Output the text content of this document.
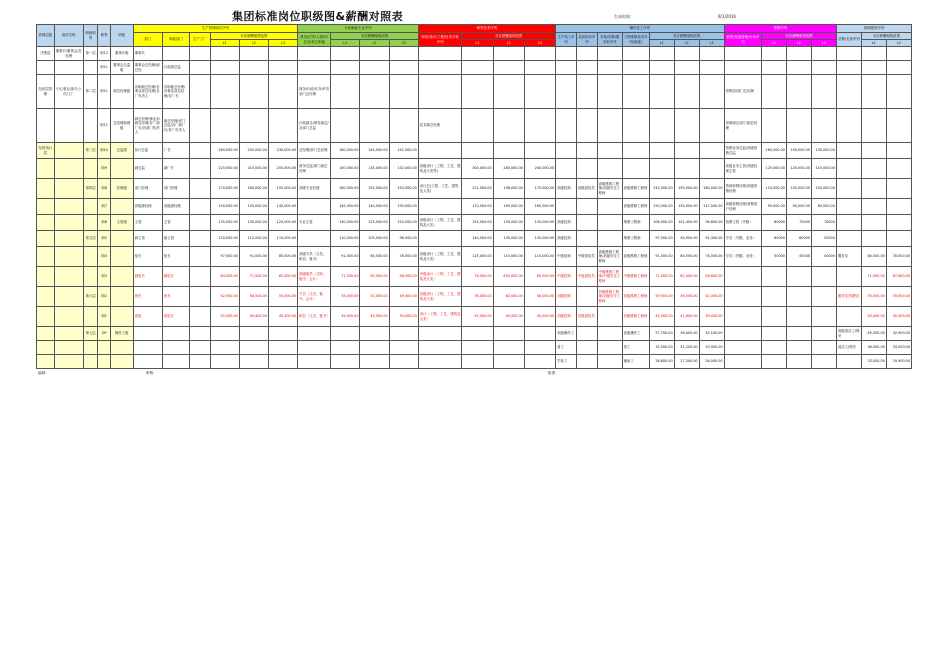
集团标准岗位职级图&薪酬对照表	生成时间：	9/1/2016
管理层级	组织名称	职级职等	职等	职级	生产管理职位序列						行政职能专业序列				研发技术序列				操作类工序列							营销序列				基础服务序列		
					部门	职能部门	生产工厂	对应薪酬架构范围			财务/法务/人资/IT/总务/其它职能	对应薪酬架构范围			研发/设计/工程/技术开发序列	对应薪酬架构范围			生产线工序列	品质检验序列	安保/后勤/服务类序列	工程维修技术序列(高级)	对应薪酬架构范围			销售/渠道管理/市场序列	对应薪酬架构范围			后勤/支持序列	对应薪酬架构范围	
								L1	L2	L3		L1	L2	L3		L1	L2	L3					L1	L2	L3		L1	L2	L3		L1	L2
决策层	董事长/董事会/总经理	第一层	职12	董事长级	董事长																											
			职11	董事会总监级	董事会总经理/副总经	行政副总监																										
经营层管理	中心事业部/分公司/工厂	第二层	职11	副总经理级	各职能总经理/各事业部总经理/各厂负责人	各职能总经理/各事业部总经理/各厂长					财务/行政/法务/IT各部门总经理															营销部/部门总经理						
			职11	总经理助理级	副总经理/事业部副总经理/各厂副厂长/各部门负责人	副总经理/部门总监/各厂副厂长/各厂负责人					行政副总/财务副总/各部门总监				技术副总经理											营销副总/部门副总经理						
经营执行层		第三层	职10	总监级	执行总监	厂长		260,000.00	240,000.00	230,000.00	总经理/部门总经理	160,000.00	145,000.00	142,000.00												营销业务总监/高级营销总监	160,000.00	140,000.00	130,000.00			
			职9		副总监	副厂长		220,000.00	210,000.00	200,000.00	财务总监/部门副总经理	140,000.00	135,000.00	132,000.00	高级设计（工程、工艺、建筑及大类等)	300,000.00	280,000.00	240,000.00								高级业务主管/高级经理主管	125,000.00	120,000.00	115,000.00			
		第四层	职8	经理级	部门经理	部门经理		170,000.00	160,000.00	155,000.00	高级专业经理	160,000.00	155,000.00	150,000.00	设计总(工程、工艺、建筑及大类)	221,000.00	196,000.00	175,000.00	高级技师	高级质检员	高级维修工程师/高级安全工程师	高级维修工程师	245,000.00	195,000.00	160,000.00	资深营销经理/高级营销经理	110,000.00	105,000.00	100,000.00			
			职7		高级副经理	高级副经理		150,000.00	145,000.00	140,000.00		145,000.00	140,000.00	135,000.00		170,000.00	165,000.00	160,000.00				高级维修工程师	150,000.00	130,000.00	117,000.00	高级营销经理/营销客户经理	95,000.00	90,000.00	85,000.00			
			职6	主管级	主管	主管		135,000.00	130,000.00	125,000.00	专业主管	130,000.00	125,000.00	120,000.00	高级设计（工程、工艺、建筑及大类）	155,000.00	150,000.00	145,000.00	高级技师			维修工程师	106,000.00	101,400.00	96,800.00	营销主管（外勤）	80000	75000	70000			
		第五层	职5		副主管	副主管		120,000.00	115,000.00	110,000.00		110,000.00	105,000.00	98,500.00		140,000.00	135,000.00	130,000.00	高级技师			维修工程师	97,500.00	94,900.00	91,300.00	专员（外勤、业务）	65000	60000	55000			
			职4		组长	组长		97,500.00	91,000.00	85,000.00	高级专员（文员、职员、秘书）	91,000.00	84,500.00	78,000.00	高级设计（工程、工艺、建筑及大类）	125,000.00	115,000.00	110,000.00	中级技师	中级质检员	高级维修工程师/高级安全工程师	高级维修工程师	91,000.00	84,500.00	78,000.00	专员（内勤、业务）	50000	45000	40000	服务员	84,500.00	78,000.00
			职3		副组长	副组长		84,500.00	71,500.00	65,000.00	高级职员（文职、秘书、会计）	71,500.00	65,000.00	58,500.00	中级设计（工程、工艺、建筑及大类）	78,000.00	650,000.00	60,000.00	中级技师	中级质检员	中级维修工程师/中级安全工程师	中级维修工程师	71,500.00	62,400.00	58,800.00						71,500.00	67,600.00
		第六层	职2		班长	班长		62,500.00	58,500.00	55,000.00	专员（文员、秘书、会计）	55,000.00	52,000.00	49,400.00	初级设计（工程、工艺、建筑及大类）	78,000.00	62,000.00	58,000.00	初级技师		初级维修工程师/初级安全工程师	初级维修工程师	59,500.00	56,000.00	52,000.00					服务员/驾驶员	55,000.00	59,000.00
			职1		班组	班组长		52,000.00	49,400.00	45,500.00	职员（文员、秘书）	49,400.00	45,500.00	39,000.00	设计（工程、工艺、建筑及大类）	52,000.00	49,000.00	45,000.00	初级技师	初级质检员		初级维修工程师	45,500.00	41,600.00	39,000.00						49,400.00	45,500.00
		第七层	OP	操作工级															高级操作工			高级操作工	57,700.00	36,400.00	35,100.00					高级清洁工/保安	45,500.00	42,900.00
																			普工			普工	32,500.00	31,200.00	29,900.00					清洁工/保安	36,000.00	33,000.00
																			学徒工			辅助工	28,600.00	27,300.00	26,000.00						33,000.00	29,900.00
编制：	审核：	批准：
